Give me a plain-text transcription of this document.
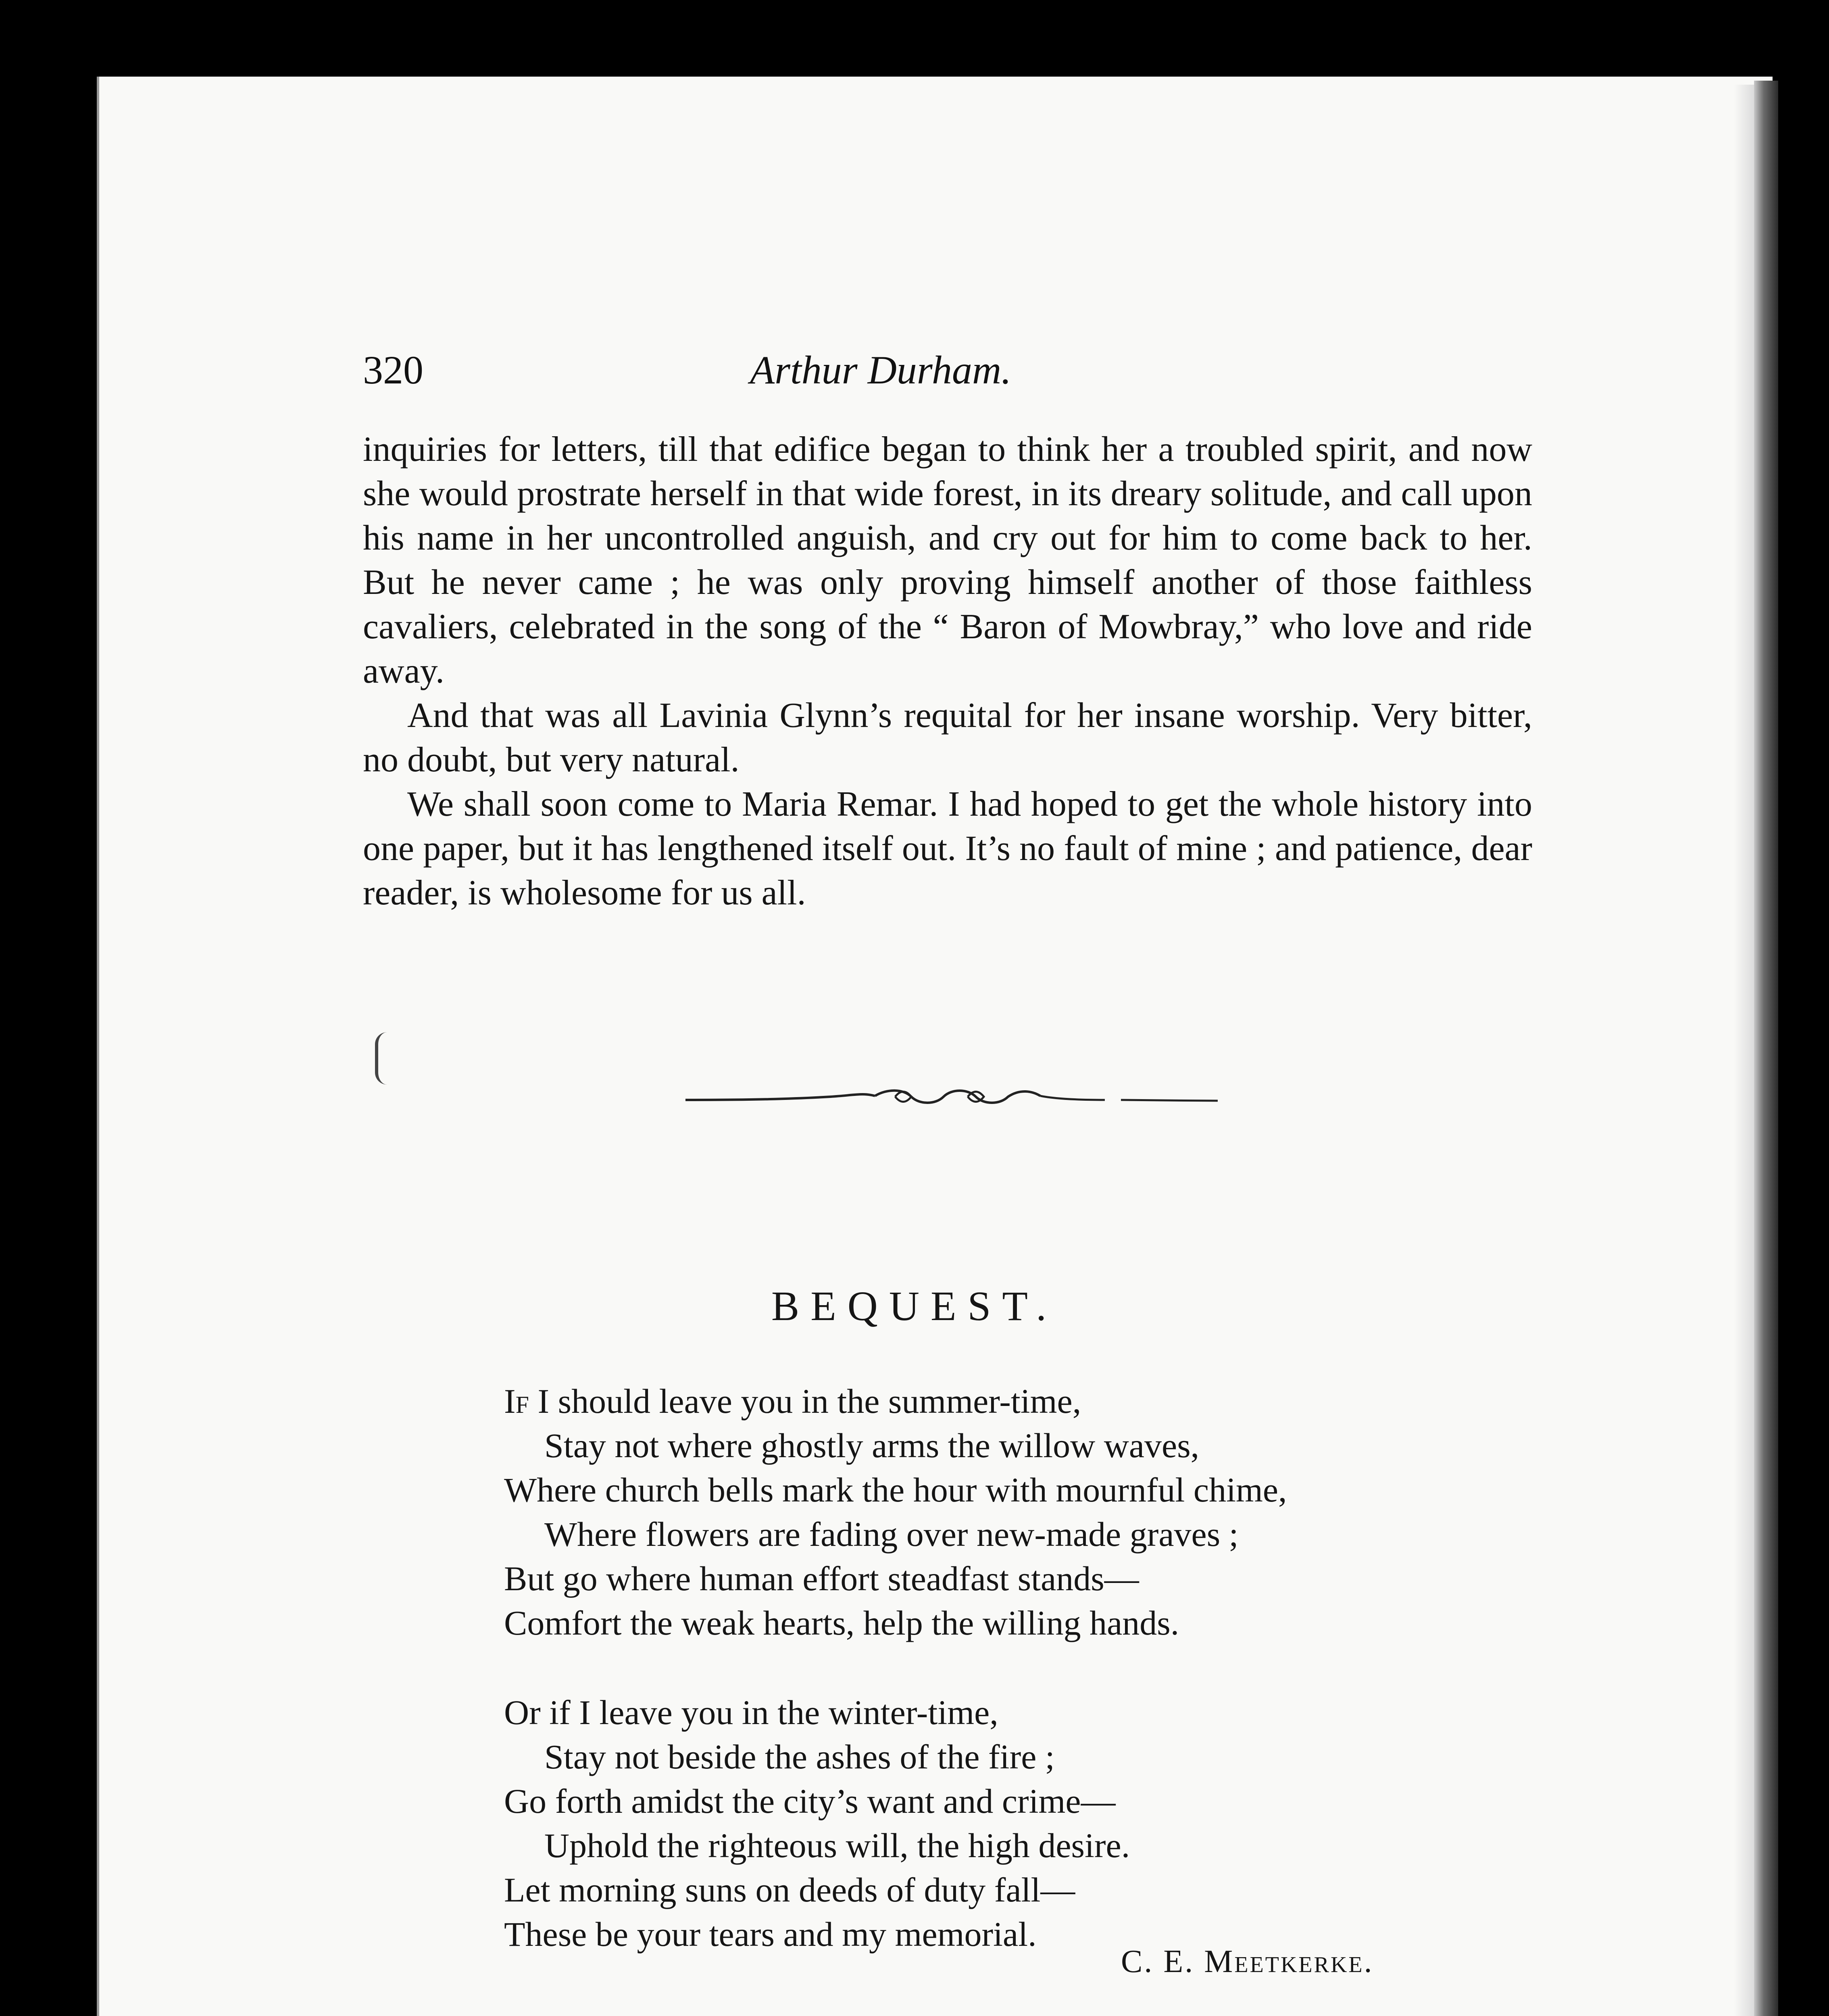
320	Arthur Durham.

inquiries for letters, till that edifice began to think her a troubled spirit, and now she would prostrate herself in that wide forest, in its dreary solitude, and call upon his name in her uncontrolled anguish, and cry out for him to come back to her. But he never came ; he was only proving himself another of those faithless cavaliers, celebrated in the song of the “ Baron of Mowbray,” who love and ride away.

And that was all Lavinia Glynn’s requital for her insane worship. Very bitter, no doubt, but very natural.

We shall soon come to Maria Remar. I had hoped to get the whole history into one paper, but it has lengthened itself out. It’s no fault of mine ; and patience, dear reader, is wholesome for us all.

BEQUEST.
If I should leave you in the summer-time,
Stay not where ghostly arms the willow waves,
Where church bells mark the hour with mournful chime,
Where flowers are fading over new-made graves ;
But go where human effort steadfast stands—
Comfort the weak hearts, help the willing hands.
Or if I leave you in the winter-time,
Stay not beside the ashes of the fire ;
Go forth amidst the city’s want and crime—
Uphold the righteous will, the high desire.
Let morning suns on deeds of duty fall—
These be your tears and my memorial.
C. E. Meetkerke.
